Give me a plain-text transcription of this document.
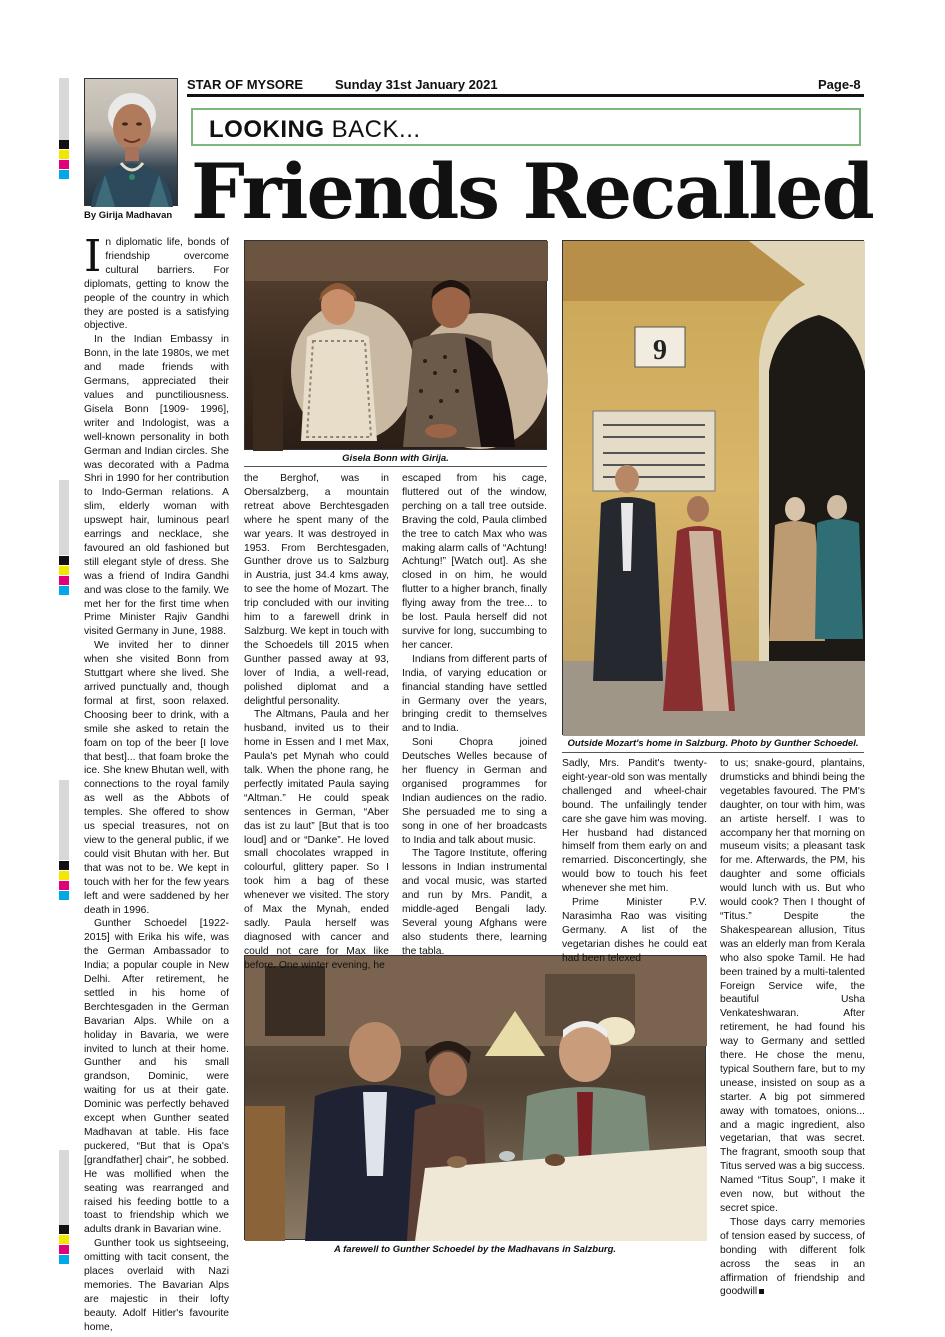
STAR OF MYSORE Sunday 31st January 2021	Page-8
By Girija Madhavan
LOOKING BACK...
Friends Recalled
Gisela Bonn with Girija.
9
Outside Mozart's home in Salzburg. Photo by Gunther Schoedel.
A farewell to Gunther Schoedel by the Madhavans in Salzburg.

In diplomatic life, bonds of friendship overcome cultural barriers. For diplomats, getting to know the people of the country in which they are posted is a satisfying objective.

In the Indian Embassy in Bonn, in the late 1980s, we met and made friends with Germans, appreciated their values and punctiliousness. Gisela Bonn [1909- 1996], writer and Indologist, was a well-known personality in both German and Indian circles. She was decorated with a Padma Shri in 1990 for her contribution to Indo-German relations. A slim, elderly woman with upswept hair, luminous pearl earrings and necklace, she favoured an old fashioned but still elegant style of dress. She was a friend of Indira Gandhi and was close to the family. We met her for the first time when Prime Minister Rajiv Gandhi visited Germany in June, 1988.

We invited her to dinner when she visited Bonn from Stuttgart where she lived. She arrived punctually and, though formal at first, soon relaxed. Choosing beer to drink, with a smile she asked to retain the foam on top of the beer [I love that best]... that foam broke the ice. She knew Bhutan well, with connections to the royal family as well as the Abbots of temples. She offered to show us special treasures, not on view to the general public, if we could visit Bhutan with her. But that was not to be. We kept in touch with her for the few years left and were saddened by her death in 1996.

Gunther Schoedel [1922-2015] with Erika his wife, was the German Ambassador to India; a popular couple in New Delhi. After retirement, he settled in his home of Berchtesgaden in the German Bavarian Alps. While on a holiday in Bavaria, we were invited to lunch at their home. Gunther and his small grandson, Dominic, were waiting for us at their gate. Dominic was perfectly behaved except when Gunther seated Madhavan at table. His face puckered, “But that is Opa's [grandfather] chair”, he sobbed. He was mollified when the seating was rearranged and raised his feeding bottle to a toast to friendship which we adults drank in Bavarian wine.

Gunther took us sightseeing, omitting with tacit consent, the places overlaid with Nazi memories. The Bavarian Alps are majestic in their lofty beauty. Adolf Hitler's favourite home,

the Berghof, was in Obersalzberg, a mountain retreat above Berchtesgaden where he spent many of the war years. It was destroyed in 1953. From Berchtesgaden, Gunther drove us to Salzburg in Austria, just 34.4 kms away, to see the home of Mozart. The trip concluded with our inviting him to a farewell drink in Salzburg. We kept in touch with the Schoedels till 2015 when Gunther passed away at 93, lover of India, a well-read, polished diplomat and a delightful personality.

The Altmans, Paula and her husband, invited us to their home in Essen and I met Max, Paula's pet Mynah who could talk. When the phone rang, he perfectly imitated Paula saying “Altman.” He could speak sentences in German, “Aber das ist zu laut” [But that is too loud] and or “Danke”. He loved small chocolates wrapped in colourful, glittery paper. So I took him a bag of these whenever we visited. The story of Max the Mynah, ended sadly. Paula herself was diagnosed with cancer and could not care for Max like before. One winter evening, he

escaped from his cage, fluttered out of the window, perching on a tall tree outside. Braving the cold, Paula climbed the tree to catch Max who was making alarm calls of “Achtung! Achtung!” [Watch out]. As she closed in on him, he would flutter to a higher branch, finally flying away from the tree... to be lost. Paula herself did not survive for long, succumbing to her cancer.

Indians from different parts of India, of varying education or financial standing have settled in Germany over the years, bringing credit to themselves and to India.

Soni Chopra joined Deutsches Welles because of her fluency in German and organised programmes for Indian audiences on the radio. She persuaded me to sing a song in one of her broadcasts to India and talk about music.

The Tagore Institute, offering lessons in Indian instrumental and vocal music, was started and run by Mrs. Pandit, a middle-aged Bengali lady. Several young Afghans were also students there, learning the tabla.

Sadly, Mrs. Pandit's twenty-eight-year-old son was mentally challenged and wheel-chair bound. The unfailingly tender care she gave him was moving. Her husband had distanced himself from them early on and remarried. Disconcertingly, she would bow to touch his feet whenever she met him.

Prime Minister P.V. Narasimha Rao was visiting Germany. A list of the vegetarian dishes he could eat had been telexed

to us; snake-gourd, plantains, drumsticks and bhindi being the vegetables favoured. The PM's daughter, on tour with him, was an artiste herself. I was to accompany her that morning on museum visits; a pleasant task for me. Afterwards, the PM, his daughter and some officials would lunch with us. But who would cook? Then I thought of “Titus.” Despite the Shakespearean allusion, Titus was an elderly man from Kerala who also spoke Tamil. He had been trained by a multi-talented Foreign Service wife, the beautiful Usha Venkateshwaran. After retirement, he had found his way to Germany and settled there. He chose the menu, typical Southern fare, but to my unease, insisted on soup as a starter. A big pot simmered away with tomatoes, onions... and a magic ingredient, also vegetarian, that was secret. The fragrant, smooth soup that Titus served was a big success. Named “Titus Soup”, I make it even now, but without the secret spice.

Those days carry memories of tension eased by success, of bonding with different folk across the seas in an affirmation of friendship and goodwill
